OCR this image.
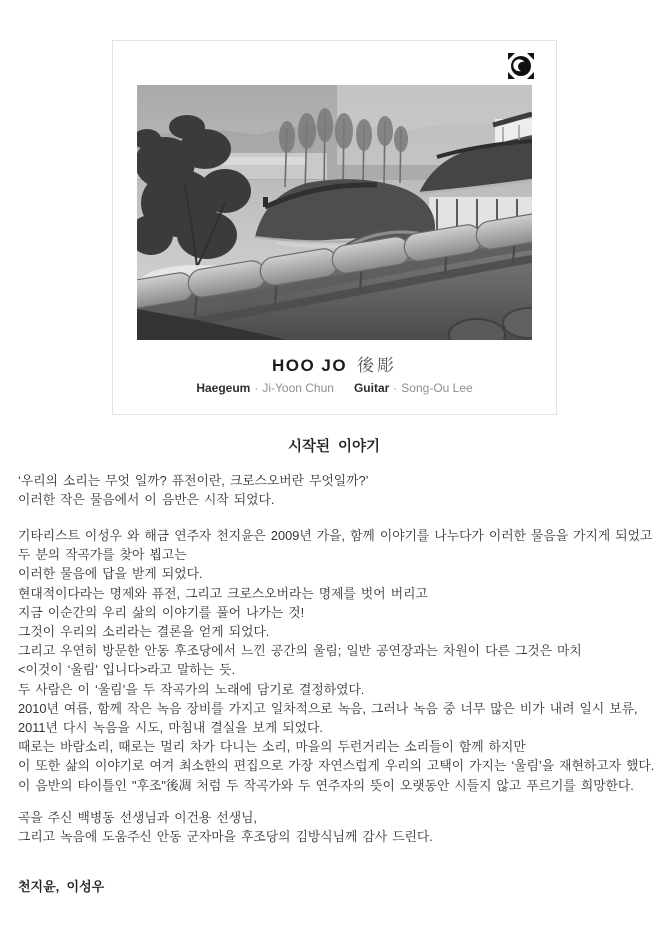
HOO JO 後彫
Haegeum · Ji-Yoon Chun Guitar · Song-Ou Lee
시작된  이야기
‘우리의 소리는 무엇 일까? 퓨전이란, 크로스오버란 무엇일까?’
이러한 작은 물음에서 이 음반은 시작 되었다.
기타리스트 이성우 와 해금 연주자 천지윤은 2009년 가을, 함께 이야기를 나누다가 이러한 물음을 가지게 되었고
두 분의 작곡가를 찾아 뵙고는
이러한 물음에 답을 받게 되었다.
현대적이다라는 명제와 퓨전, 그리고 크로스오버라는 명제를 벗어 버리고
지금 이순간의 우리 삶의 이야기를 풀어 나가는 것!
그것이 우리의 소리라는 결론을 얻게 되었다.
그리고 우연히 방문한 안동 후조당에서 느낀 공간의 울림; 일반 공연장과는 차원이 다른 그것은 마치
<이것이 ‘울림’ 입니다>라고 말하는 듯.
두 사람은 이 ‘울림’을 두 작곡가의 노래에 담기로 결정하였다.
2010년 여름, 함께 작은 녹음 장비를 가지고 일차적으로 녹음, 그러나 녹음 중 너무 많은 비가 내려 일시 보류,
2011년 다시 녹음을 시도, 마침내 결실을 보게 되었다.
때로는 바람소리, 때로는 멀리 차가 다니는 소리, 마을의 두런거리는 소리들이 함께 하지만
이 또한 삶의 이야기로 여겨 최소한의 편집으로 가장 자연스럽게 우리의 고택이 가지는 ‘울림’을 재현하고자 했다.
이 음반의 타이틀인 "후조"後凋 처럼 두 작곡가와 두 연주자의 뜻이 오랫동안 시들지 않고 푸르기를 희망한다.
곡을 주신 백병동 선생님과 이건용 선생님,
그리고 녹음에 도움주신 안동 군자마을 후조당의 김방식님께 감사 드린다.
천지윤,  이성우
